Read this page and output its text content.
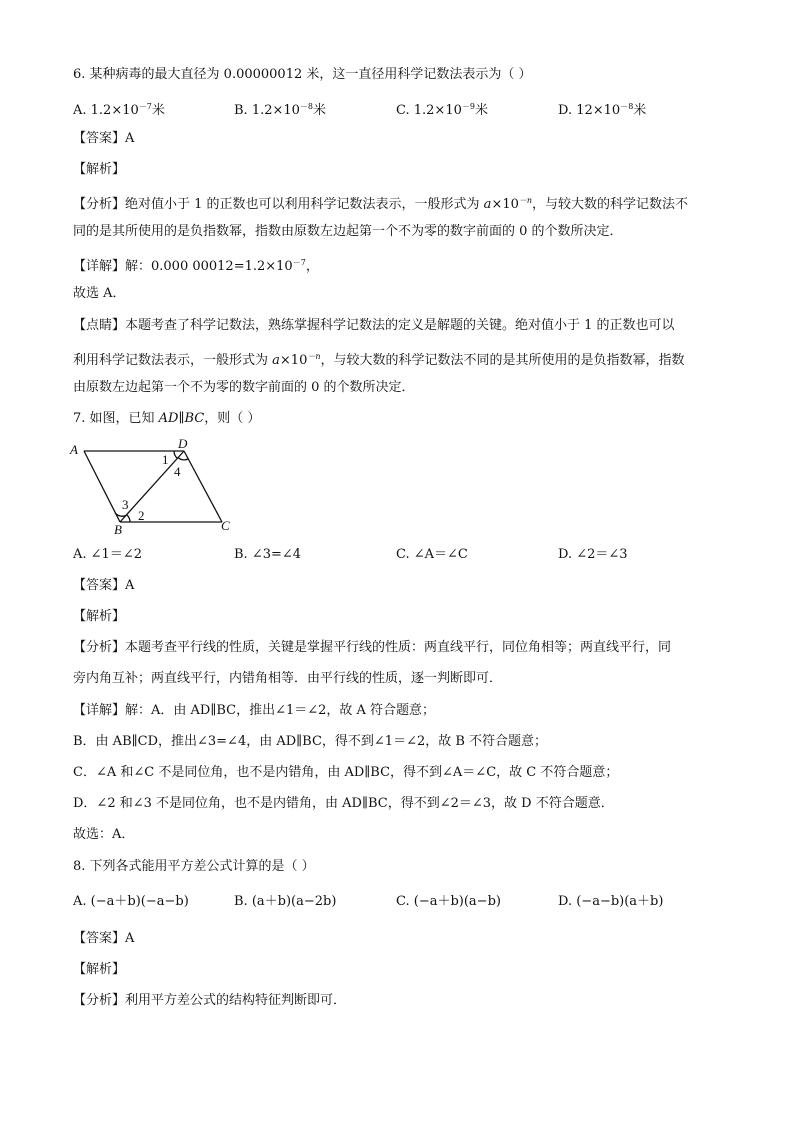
6. 某种病毒的最大直径为 0.00000012 米，这一直径用科学记数法表示为（ ）
A. $1.2\times 10^{-7}$米	B. $1.2\times 10^{-8}$米	C. $1.2\times 10^{-9}$米	D. $12\times 10^{-8}$米
【答案】A
【解析】
【分析】绝对值小于 1 的正数也可以利用科学记数法表示，一般形式为 $a\times 10^{-n}$，与较大数的科学记数法不
同的是其所使用的是负指数幂，指数由原数左边起第一个不为零的数字前面的 0 的个数所决定．
【详解】解：0.000 $00012=1.2\times 10^{-7}$，
故选 A．
【点睛】本题考查了科学记数法，熟练掌握科学记数法的定义是解题的关键。绝对值小于 1 的正数也可以
利用科学记数法表示，一般形式为 $a\times 10^{-n}$，与较大数的科学记数法不同的是其所使用的是负指数幂，指数
由原数左边起第一个不为零的数字前面的 0 的个数所决定．
7. 如图，已知 AD∥BC，则（ ）
A	D
B	C
1
4
3
2
A. ∠1＝∠2	B. ∠3=∠4	C. ∠A＝∠C	D. ∠2＝∠3
【答案】A
【解析】
【分析】本题考查平行线的性质，关键是掌握平行线的性质：两直线平行，同位角相等；两直线平行，同
旁内角互补；两直线平行，内错角相等．由平行线的性质，逐一判断即可．
【详解】解：A．由 AD∥BC，推出∠1＝∠2，故 A 符合题意；
B．由 AB∥CD，推出∠3=∠4，由 AD∥BC，得不到∠1＝∠2，故 B 不符合题意；
C．∠A 和∠C 不是同位角，也不是内错角，由 AD∥BC，得不到∠A＝∠C，故 C 不符合题意；
D．∠2 和∠3 不是同位角，也不是内错角，由 AD∥BC，得不到∠2＝∠3，故 D 不符合题意．
故选：A．
8. 下列各式能用平方差公式计算的是（ ）
A. (−a＋b)(−a−b)	B. (a＋b)(a−2b)	C. (−a＋b)(a−b)	D. (−a−b)(a＋b)
【答案】A
【解析】
【分析】利用平方差公式的结构特征判断即可．
